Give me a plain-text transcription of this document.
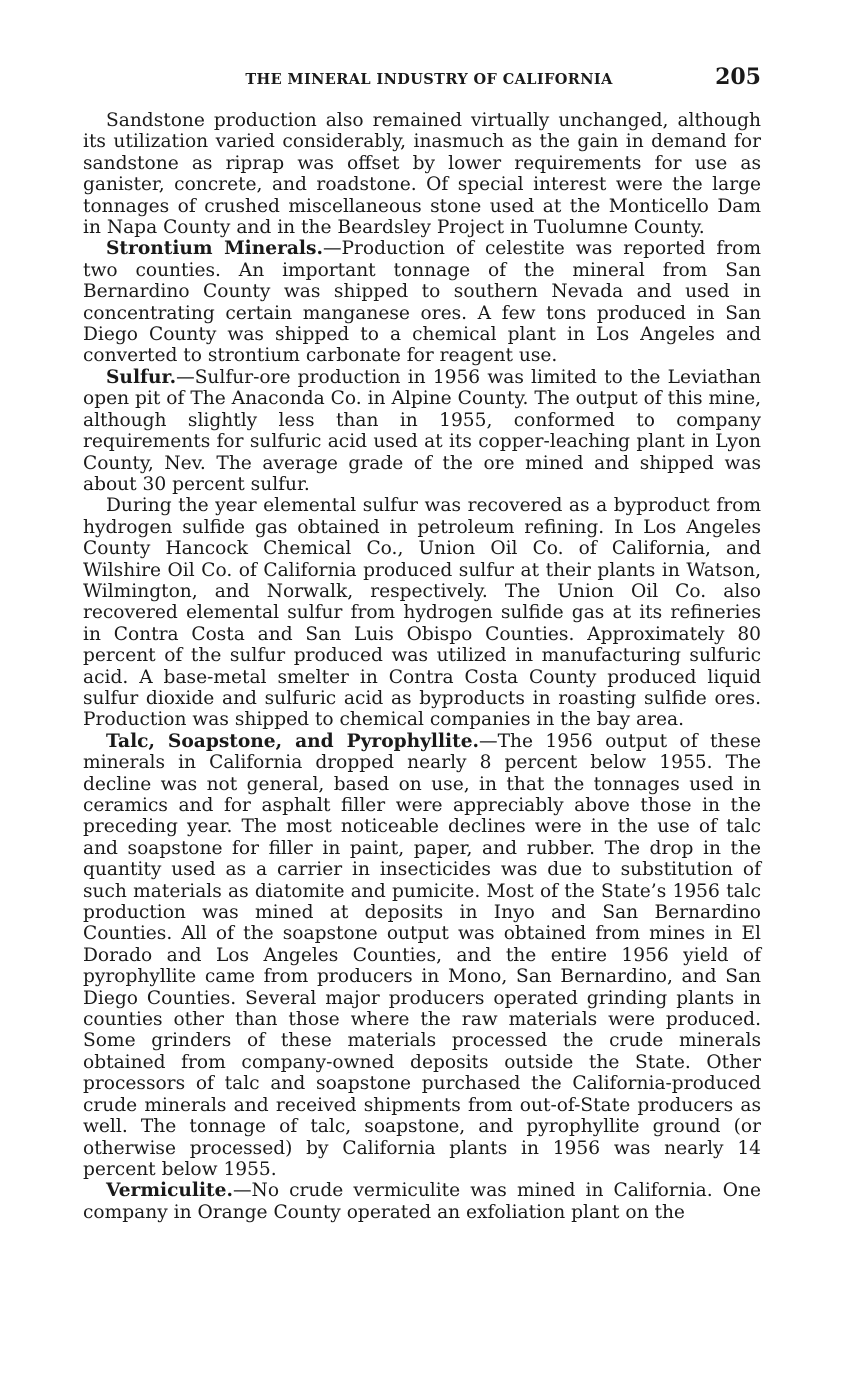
THE MINERAL INDUSTRY OF CALIFORNIA	205

Sandstone production also remained virtually unchanged, although its utilization varied considerably, inasmuch as the gain in demand for sandstone as riprap was offset by lower requirements for use as ganister, concrete, and roadstone. Of special interest were the large tonnages of crushed miscellaneous stone used at the Monticello Dam in Napa County and in the Beardsley Project in Tuolumne County.

Strontium Minerals.—Production of celestite was reported from two counties. An important tonnage of the mineral from San Bernardino County was shipped to southern Nevada and used in concentrating certain manganese ores. A few tons produced in San Diego County was shipped to a chemical plant in Los Angeles and converted to strontium carbonate for reagent use.

Sulfur.—Sulfur-ore production in 1956 was limited to the Leviathan open pit of The Anaconda Co. in Alpine County. The output of this mine, although slightly less than in 1955, conformed to company requirements for sulfuric acid used at its copper-leaching plant in Lyon County, Nev. The average grade of the ore mined and shipped was about 30 percent sulfur.

During the year elemental sulfur was recovered as a byproduct from hydrogen sulfide gas obtained in petroleum refining. In Los Angeles County Hancock Chemical Co., Union Oil Co. of California, and Wilshire Oil Co. of California produced sulfur at their plants in Watson, Wilmington, and Norwalk, respectively. The Union Oil Co. also recovered elemental sulfur from hydrogen sulfide gas at its refineries in Contra Costa and San Luis Obispo Counties. Approximately 80 percent of the sulfur produced was utilized in manufacturing sulfuric acid. A base-metal smelter in Contra Costa County produced liquid sulfur dioxide and sulfuric acid as byproducts in roasting sulfide ores. Production was shipped to chemical companies in the bay area.

Talc, Soapstone, and Pyrophyllite.—The 1956 output of these minerals in California dropped nearly 8 percent below 1955. The decline was not general, based on use, in that the tonnages used in ceramics and for asphalt filler were appreciably above those in the preceding year. The most noticeable declines were in the use of talc and soapstone for filler in paint, paper, and rubber. The drop in the quantity used as a carrier in insecticides was due to substitution of such materials as diatomite and pumicite. Most of the State’s 1956 talc production was mined at deposits in Inyo and San Bernardino Counties. All of the soapstone output was obtained from mines in El Dorado and Los Angeles Counties, and the entire 1956 yield of pyrophyllite came from producers in Mono, San Bernardino, and San Diego Counties. Several major producers operated grinding plants in counties other than those where the raw materials were produced. Some grinders of these materials processed the crude minerals obtained from company-owned deposits outside the State. Other processors of talc and soapstone purchased the California-produced crude minerals and received shipments from out-of-State producers as well. The tonnage of talc, soapstone, and pyrophyllite ground (or otherwise processed) by California plants in 1956 was nearly 14 percent below 1955.

Vermiculite.—No crude vermiculite was mined in California. One company in Orange County operated an exfoliation plant on the
